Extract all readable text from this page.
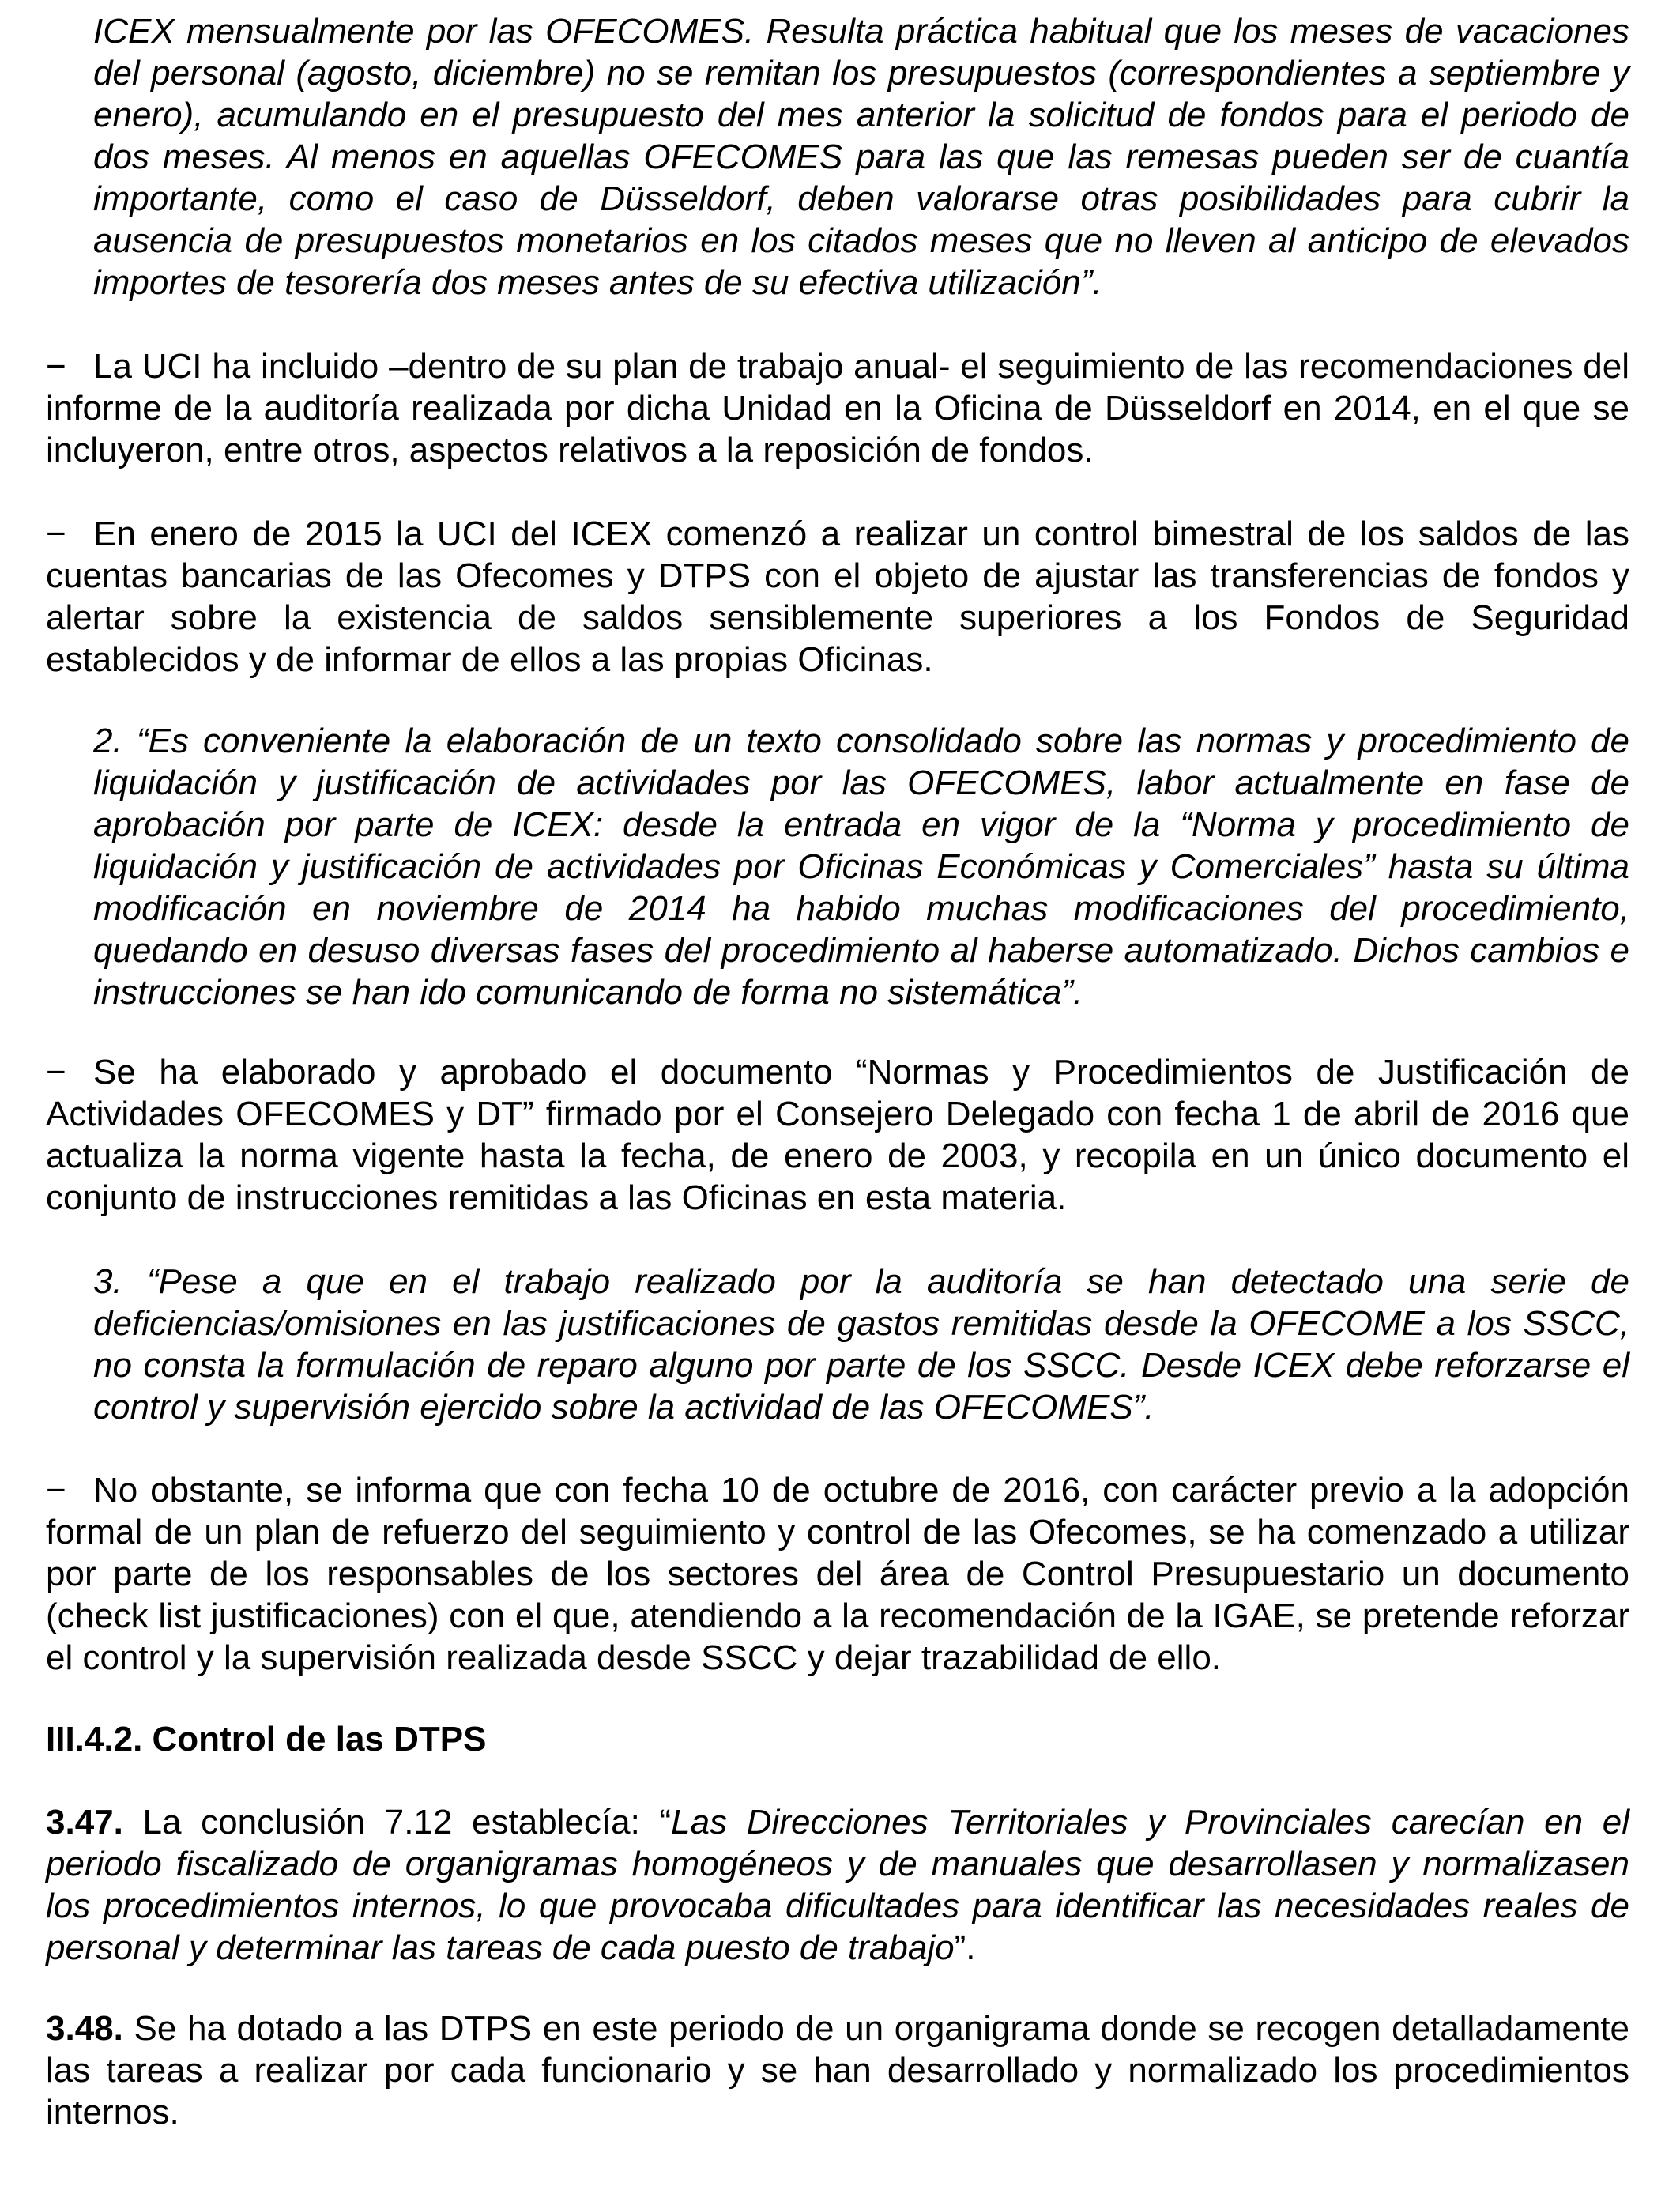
ICEX mensualmente por las OFECOMES. Resulta práctica habitual que los meses de vacaciones del personal (agosto, diciembre) no se remitan los presupuestos (correspondientes a septiembre y enero), acumulando en el presupuesto del mes anterior la solicitud de fondos para el periodo de dos meses. Al menos en aquellas OFECOMES para las que las remesas pueden ser de cuantía importante, como el caso de Düsseldorf, deben valorarse otras posibilidades para cubrir la ausencia de presupuestos monetarios en los citados meses que no lleven al anticipo de elevados importes de tesorería dos meses antes de su efectiva utilización”.

− La UCI ha incluido –dentro de su plan de trabajo anual- el seguimiento de las recomendaciones del informe de la auditoría realizada por dicha Unidad en la Oficina de Düsseldorf en 2014, en el que se incluyeron, entre otros, aspectos relativos a la reposición de fondos.

− En enero de 2015 la UCI del ICEX comenzó a realizar un control bimestral de los saldos de las cuentas bancarias de las Ofecomes y DTPS con el objeto de ajustar las transferencias de fondos y alertar sobre la existencia de saldos sensiblemente superiores a los Fondos de Seguridad establecidos y de informar de ellos a las propias Oficinas.

2. “Es conveniente la elaboración de un texto consolidado sobre las normas y procedimiento de liquidación y justificación de actividades por las OFECOMES, labor actualmente en fase de aprobación por parte de ICEX: desde la entrada en vigor de la “Norma y procedimiento de liquidación y justificación de actividades por Oficinas Económicas y Comerciales” hasta su última modificación en noviembre de 2014 ha habido muchas modificaciones del procedimiento, quedando en desuso diversas fases del procedimiento al haberse automatizado. Dichos cambios e instrucciones se han ido comunicando de forma no sistemática”.

− Se ha elaborado y aprobado el documento “Normas y Procedimientos de Justificación de Actividades OFECOMES y DT” firmado por el Consejero Delegado con fecha 1 de abril de 2016 que actualiza la norma vigente hasta la fecha, de enero de 2003, y recopila en un único documento el conjunto de instrucciones remitidas a las Oficinas en esta materia.

3. “Pese a que en el trabajo realizado por la auditoría se han detectado una serie de deficiencias/omisiones en las justificaciones de gastos remitidas desde la OFECOME a los SSCC, no consta la formulación de reparo alguno por parte de los SSCC. Desde ICEX debe reforzarse el control y supervisión ejercido sobre la actividad de las OFECOMES”.

− No obstante, se informa que con fecha 10 de octubre de 2016, con carácter previo a la adopción formal de un plan de refuerzo del seguimiento y control de las Ofecomes, se ha comenzado a utilizar por parte de los responsables de los sectores del área de Control Presupuestario un documento (check list justificaciones) con el que, atendiendo a la recomendación de la IGAE, se pretende reforzar el control y la supervisión realizada desde SSCC y dejar trazabilidad de ello.

III.4.2. Control de las DTPS

3.47. La conclusión 7.12 establecía: “Las Direcciones Territoriales y Provinciales carecían en el periodo fiscalizado de organigramas homogéneos y de manuales que desarrollasen y normalizasen los procedimientos internos, lo que provocaba dificultades para identificar las necesidades reales de personal y determinar las tareas de cada puesto de trabajo”.

3.48. Se ha dotado a las DTPS en este periodo de un organigrama donde se recogen detalladamente las tareas a realizar por cada funcionario y se han desarrollado y normalizado los procedimientos internos.
